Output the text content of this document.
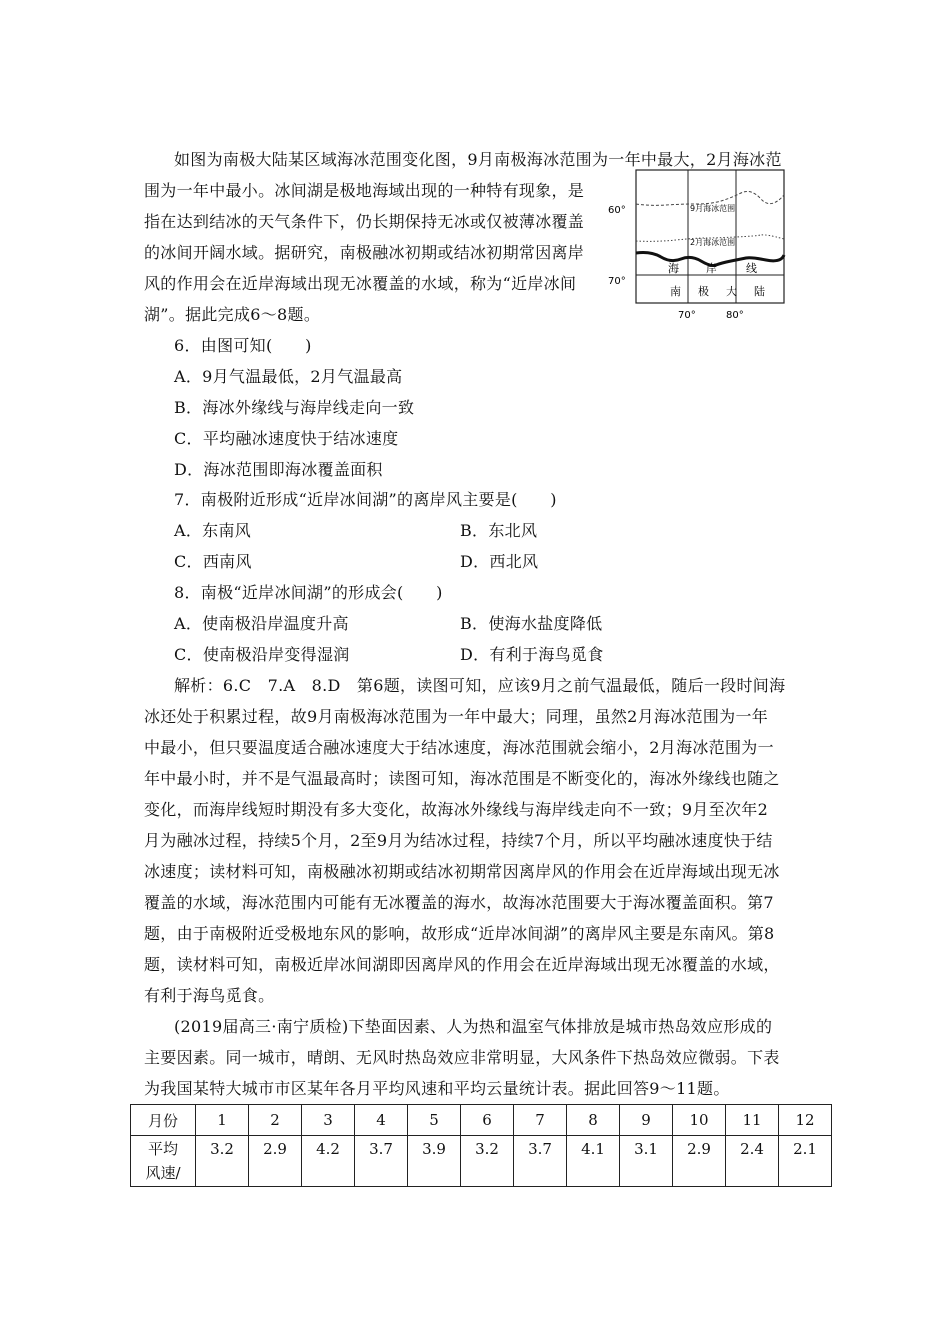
如图为南极大陆某区域海冰范围变化图，9月南极海冰范围为一年中最大，2月海冰范
围为一年中最小。冰间湖是极地海域出现的一种特有现象，是
指在达到结冰的天气条件下，仍长期保持无冰或仅被薄冰覆盖
的冰间开阔水域。据研究，南极融冰初期或结冰初期常因离岸
风的作用会在近岸海域出现无冰覆盖的水域，称为“近岸冰间
湖”。据此完成6～8题。
60°
70°
70°	80°
9月海冰范围
2月海冰范围
海 岸	线
南 极 大 陆
6．由图可知(　　)
A．9月气温最低，2月气温最高
B．海冰外缘线与海岸线走向一致
C．平均融冰速度快于结冰速度
D．海冰范围即海冰覆盖面积
7．南极附近形成“近岸冰间湖”的离岸风主要是(　　)
A．东南风	B．东北风
C．西南风	D．西北风
8．南极“近岸冰间湖”的形成会(　　)
A．使南极沿岸温度升高	B．使海水盐度降低
C．使南极沿岸变得湿润	D．有利于海鸟觅食
解析：6.C　7.A　8.D　第6题，读图可知，应该9月之前气温最低，随后一段时间海
冰还处于积累过程，故9月南极海冰范围为一年中最大；同理，虽然2月海冰范围为一年
中最小，但只要温度适合融冰速度大于结冰速度，海冰范围就会缩小，2月海冰范围为一
年中最小时，并不是气温最高时；读图可知，海冰范围是不断变化的，海冰外缘线也随之
变化，而海岸线短时期没有多大变化，故海冰外缘线与海岸线走向不一致；9月至次年2
月为融冰过程，持续5个月，2至9月为结冰过程，持续7个月，所以平均融冰速度快于结
冰速度；读材料可知，南极融冰初期或结冰初期常因离岸风的作用会在近岸海域出现无冰
覆盖的水域，海冰范围内可能有无冰覆盖的海水，故海冰范围要大于海冰覆盖面积。第7
题，由于南极附近受极地东风的影响，故形成“近岸冰间湖”的离岸风主要是东南风。第8
题，读材料可知，南极近岸冰间湖即因离岸风的作用会在近岸海域出现无冰覆盖的水域，
有利于海鸟觅食。
(2019届高三·南宁质检)下垫面因素、人为热和温室气体排放是城市热岛效应形成的
主要因素。同一城市，晴朗、无风时热岛效应非常明显，大风条件下热岛效应微弱。下表
为我国某特大城市市区某年各月平均风速和平均云量统计表。据此回答9～11题。
月份	1	2	3	4	5	6	7	8	9	10	11	12

平均
风速/	3.2	2.9	4.2	3.7	3.9	3.2	3.7	4.1	3.1	2.9	2.4	2.1
